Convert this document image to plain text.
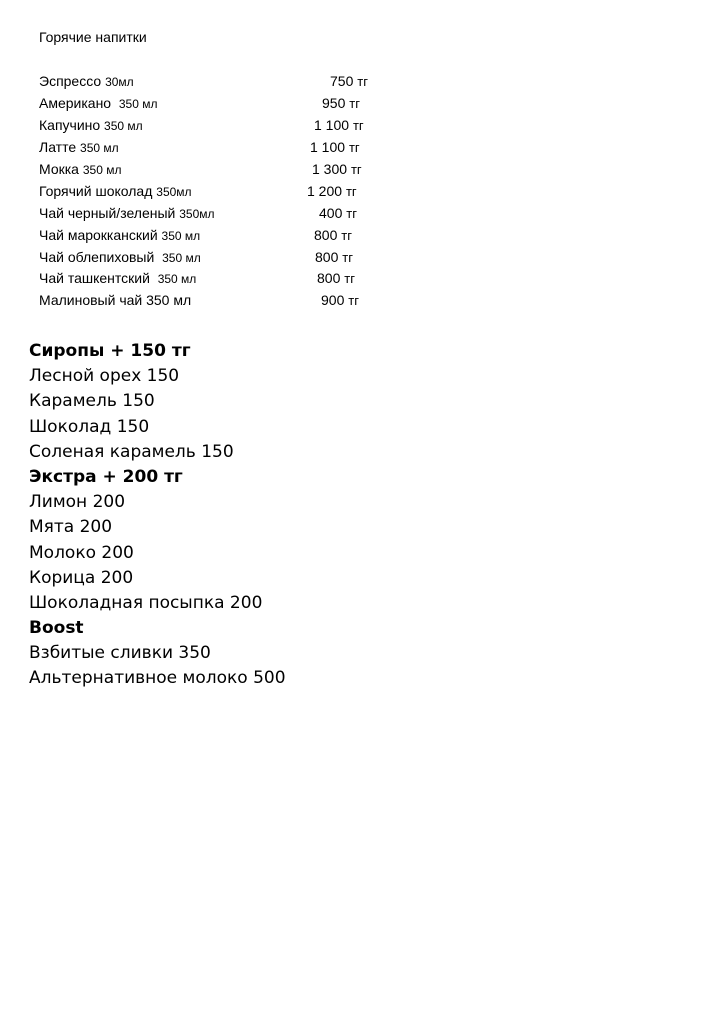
Горячие напитки
Эспрессо 30мл	750 тг
Американо  350 мл	950 тг
Капучино 350 мл	1 100 тг
Латте 350 мл	1 100 тг
Мокка 350 мл	1 300 тг
Горячий шоколад 350мл	1 200 тг
Чай черный/зеленый 350мл	400 тг
Чай марокканский 350 мл	800 тг
Чай облепиховый  350 мл	800 тг
Чай ташкентский  350 мл	800 тг
Малиновый чай 350 мл	900 тг
Сиропы + 150 тг
Лесной орех 150
Карамель 150
Шоколад 150
Соленая карамель 150
Экстра + 200 тг
Лимон 200
Мята 200
Молоко 200
Корица 200
Шоколадная посыпка 200
Boost
Взбитые сливки 350
Альтернативное молоко 500
